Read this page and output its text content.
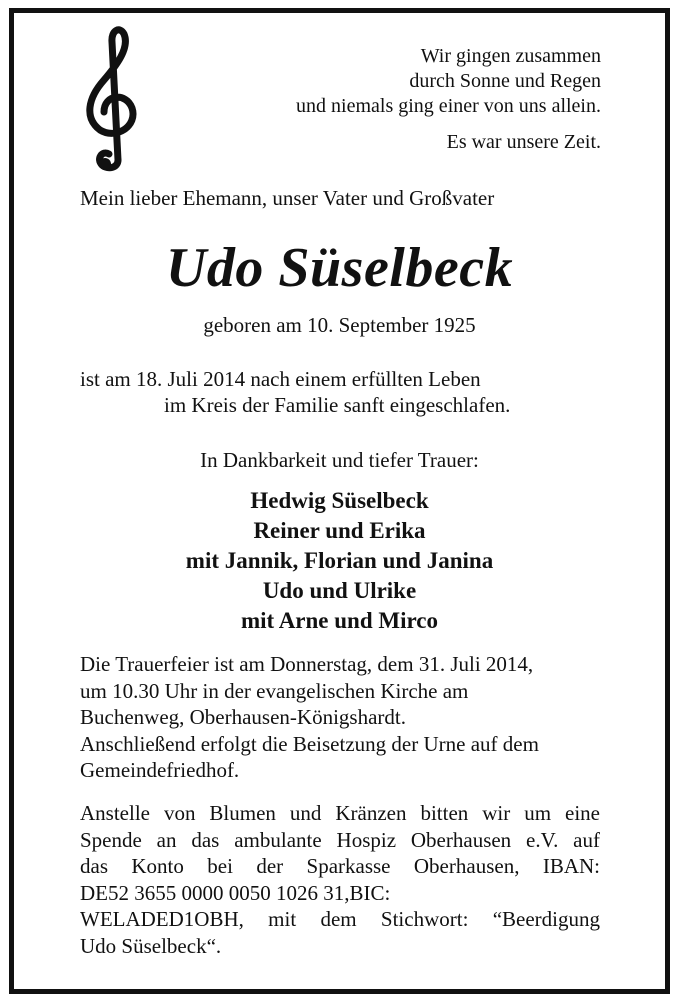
Wir gingen zusammen
durch Sonne und Regen
und niemals ging einer von uns allein.
Es war unsere Zeit.
Mein lieber Ehemann, unser Vater und Großvater
Udo Süselbeck
geboren am 10. September 1925
ist am 18. Juli 2014 nach einem erfüllten Leben
im Kreis der Familie sanft eingeschlafen.
In Dankbarkeit und tiefer Trauer:
Hedwig Süselbeck
Reiner und Erika
mit Jannik, Florian und Janina
Udo und Ulrike
mit Arne und Mirco
Die Trauerfeier ist am Donnerstag, dem 31. Juli 2014,
um 10.30 Uhr in der evangelischen Kirche am
Buchenweg, Oberhausen-Königshardt.
Anschließend erfolgt die Beisetzung der Urne auf dem
Gemeindefriedhof.
Anstelle von Blumen und Kränzen bitten wir um eine
Spende an das ambulante Hospiz Oberhausen e.V. auf
das Konto bei der Sparkasse Oberhausen, IBAN:
DE52 3655 0000 0050 1026 31,BIC:
WELADED1OBH, mit dem Stichwort: “Beerdigung
Udo Süselbeck“.
